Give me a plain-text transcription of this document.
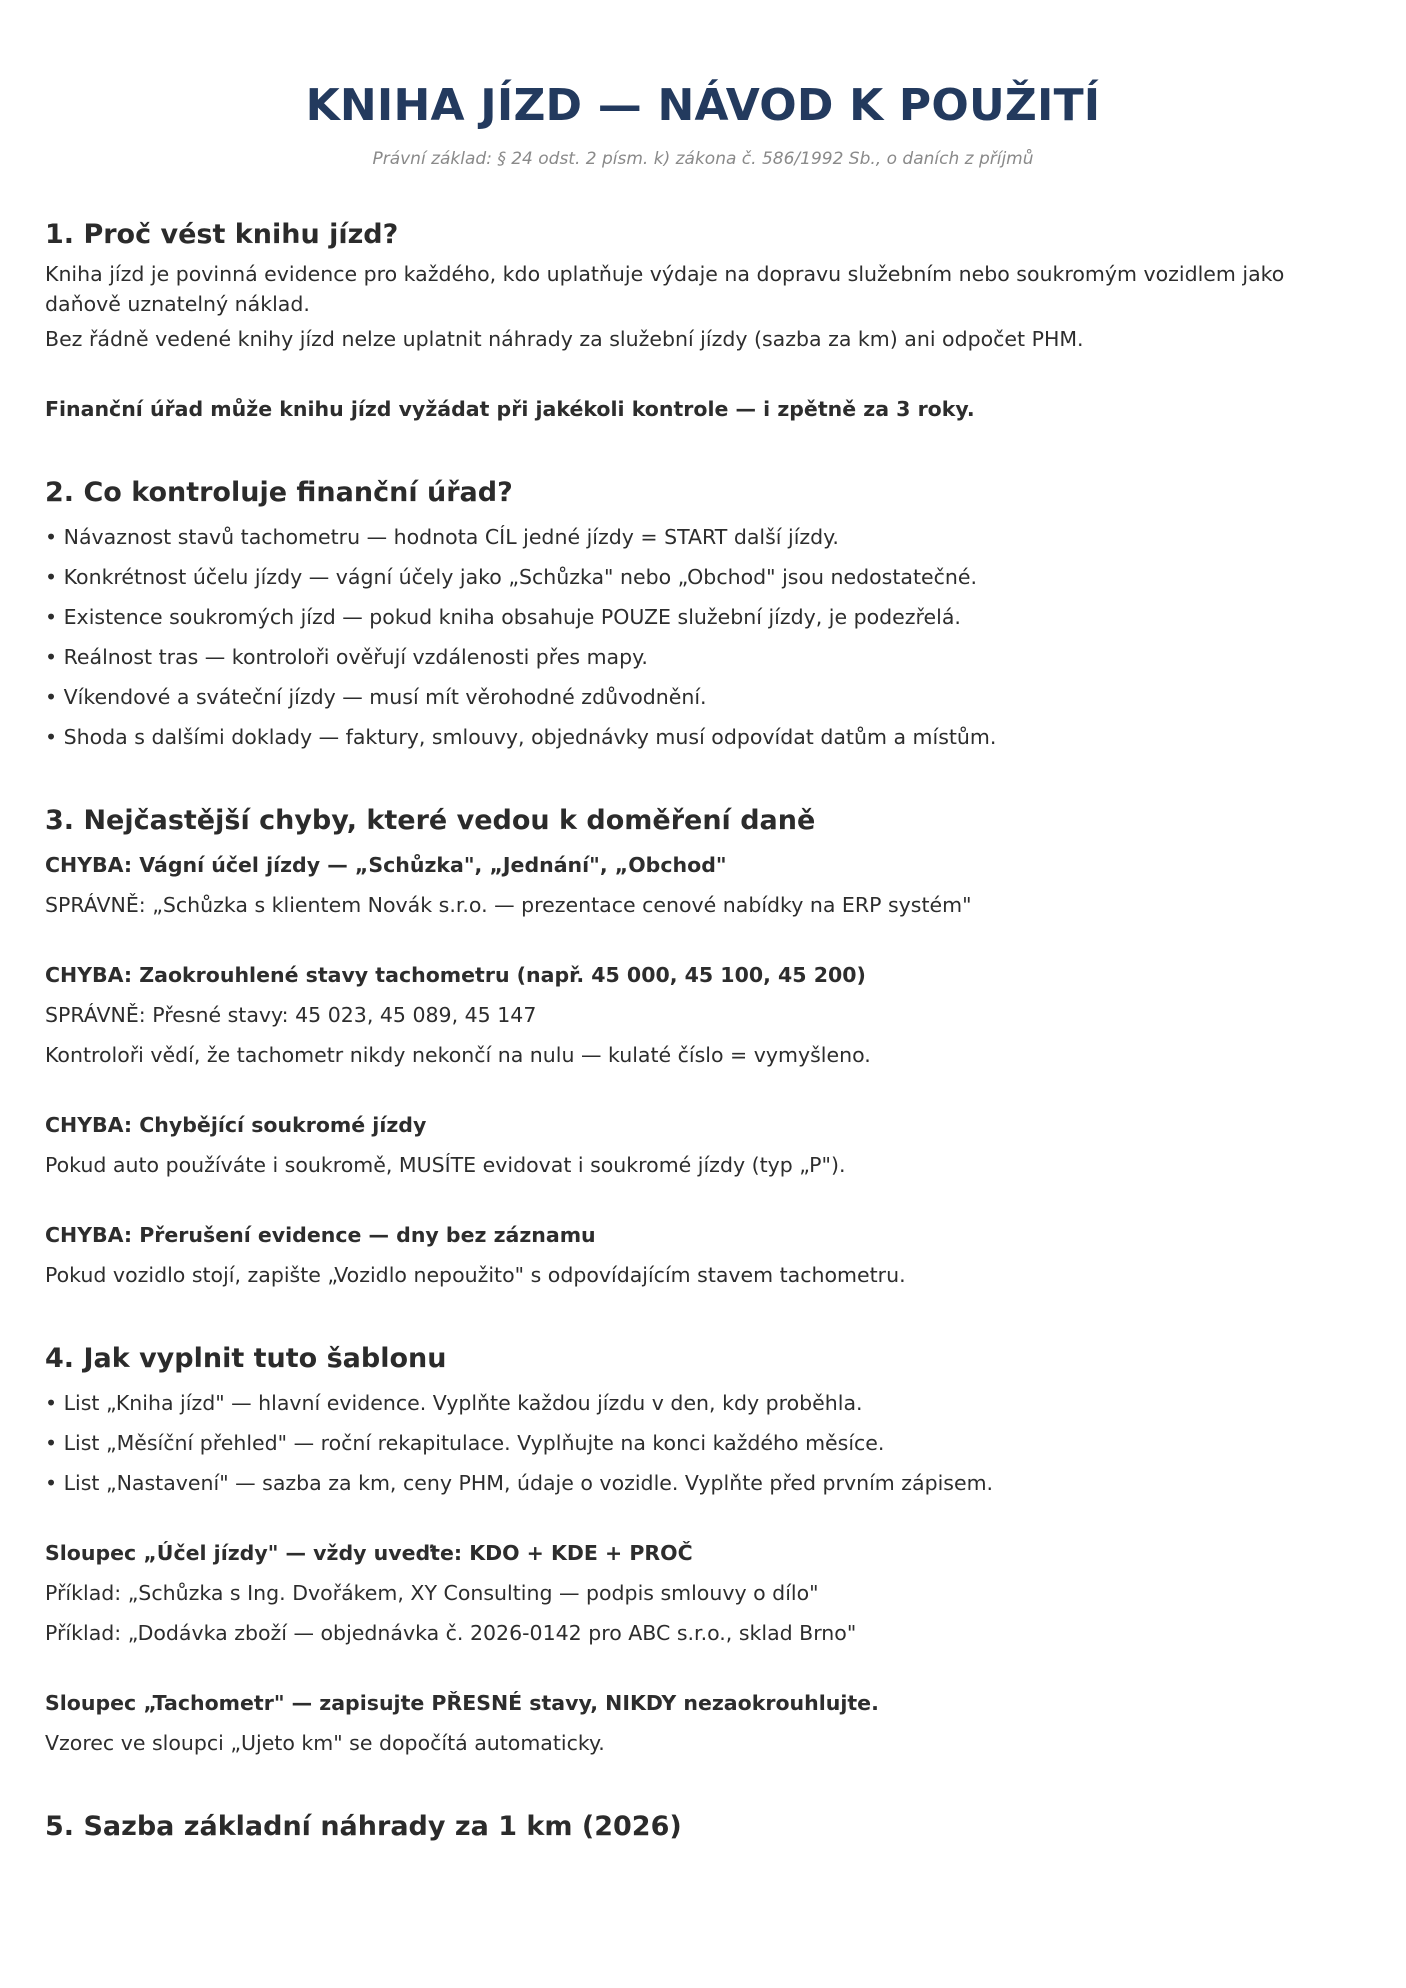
KNIHA JÍZD — NÁVOD K POUŽITÍ
Právní základ: § 24 odst. 2 písm. k) zákona č. 586/1992 Sb., o daních z příjmů
1. Proč vést knihu jízd?

Kniha jízd je povinná evidence pro každého, kdo uplatňuje výdaje na dopravu služebním nebo soukromým vozidlem jako daňově uznatelný náklad.

Bez řádně vedené knihy jízd nelze uplatnit náhrady za služební jízdy (sazba za km) ani odpočet PHM.

Finanční úřad může knihu jízd vyžádat při jakékoli kontrole — i zpětně za 3 roky.

2. Co kontroluje finanční úřad?

• Návaznost stavů tachometru — hodnota CÍL jedné jízdy = START další jízdy.

• Konkrétnost účelu jízdy — vágní účely jako „Schůzka" nebo „Obchod" jsou nedostatečné.

• Existence soukromých jízd — pokud kniha obsahuje POUZE služební jízdy, je podezřelá.

• Reálnost tras — kontroloři ověřují vzdálenosti přes mapy.

• Víkendové a sváteční jízdy — musí mít věrohodné zdůvodnění.

• Shoda s dalšími doklady — faktury, smlouvy, objednávky musí odpovídat datům a místům.

3. Nejčastější chyby, které vedou k doměření daně

CHYBA: Vágní účel jízdy — „Schůzka", „Jednání", „Obchod"

SPRÁVNĚ: „Schůzka s klientem Novák s.r.o. — prezentace cenové nabídky na ERP systém"

CHYBA: Zaokrouhlené stavy tachometru (např. 45 000, 45 100, 45 200)

SPRÁVNĚ: Přesné stavy: 45 023, 45 089, 45 147

Kontroloři vědí, že tachometr nikdy nekončí na nulu — kulaté číslo = vymyšleno.

CHYBA: Chybějící soukromé jízdy

Pokud auto používáte i soukromě, MUSÍTE evidovat i soukromé jízdy (typ „P").

CHYBA: Přerušení evidence — dny bez záznamu

Pokud vozidlo stojí, zapište „Vozidlo nepoužito" s odpovídajícím stavem tachometru.

4. Jak vyplnit tuto šablonu

• List „Kniha jízd" — hlavní evidence. Vyplňte každou jízdu v den, kdy proběhla.

• List „Měsíční přehled" — roční rekapitulace. Vyplňujte na konci každého měsíce.

• List „Nastavení" — sazba za km, ceny PHM, údaje o vozidle. Vyplňte před prvním zápisem.

Sloupec „Účel jízdy" — vždy uveďte: KDO + KDE + PROČ

Příklad: „Schůzka s Ing. Dvořákem, XY Consulting — podpis smlouvy o dílo"

Příklad: „Dodávka zboží — objednávka č. 2026-0142 pro ABC s.r.o., sklad Brno"

Sloupec „Tachometr" — zapisujte PŘESNÉ stavy, NIKDY nezaokrouhlujte.

Vzorec ve sloupci „Ujeto km" se dopočítá automaticky.

5. Sazba základní náhrady za 1 km (2026)
